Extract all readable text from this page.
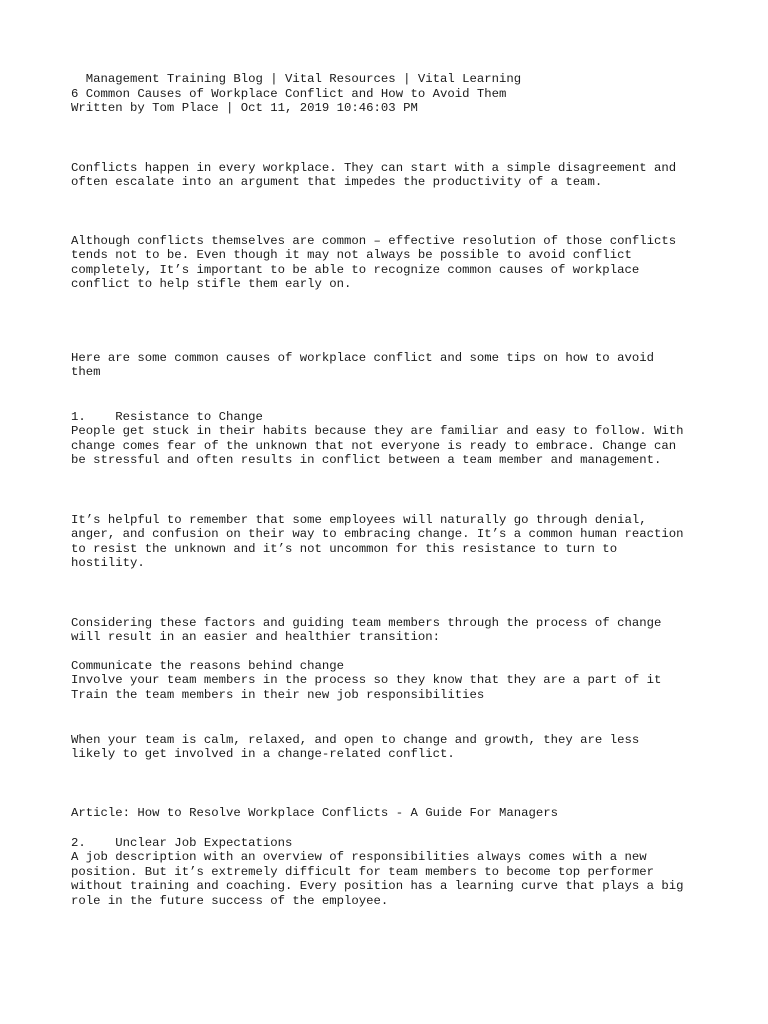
Management Training Blog | Vital Resources | Vital Learning
6 Common Causes of Workplace Conflict and How to Avoid Them
Written by Tom Place | Oct 11, 2019 10:46:03 PM
Conflicts happen in every workplace. They can start with a simple disagreement and
often escalate into an argument that impedes the productivity of a team.
Although conflicts themselves are common – effective resolution of those conflicts
tends not to be. Even though it may not always be possible to avoid conflict
completely, It’s important to be able to recognize common causes of workplace
conflict to help stifle them early on.
Here are some common causes of workplace conflict and some tips on how to avoid
them
1.    Resistance to Change
People get stuck in their habits because they are familiar and easy to follow. With
change comes fear of the unknown that not everyone is ready to embrace. Change can
be stressful and often results in conflict between a team member and management.
It’s helpful to remember that some employees will naturally go through denial,
anger, and confusion on their way to embracing change. It’s a common human reaction
to resist the unknown and it’s not uncommon for this resistance to turn to
hostility.
Considering these factors and guiding team members through the process of change
will result in an easier and healthier transition:
Communicate the reasons behind change
Involve your team members in the process so they know that they are a part of it
Train the team members in their new job responsibilities
When your team is calm, relaxed, and open to change and growth, they are less
likely to get involved in a change-related conflict.
Article: How to Resolve Workplace Conflicts - A Guide For Managers
2.    Unclear Job Expectations
A job description with an overview of responsibilities always comes with a new
position. But it’s extremely difficult for team members to become top performer
without training and coaching. Every position has a learning curve that plays a big
role in the future success of the employee.
